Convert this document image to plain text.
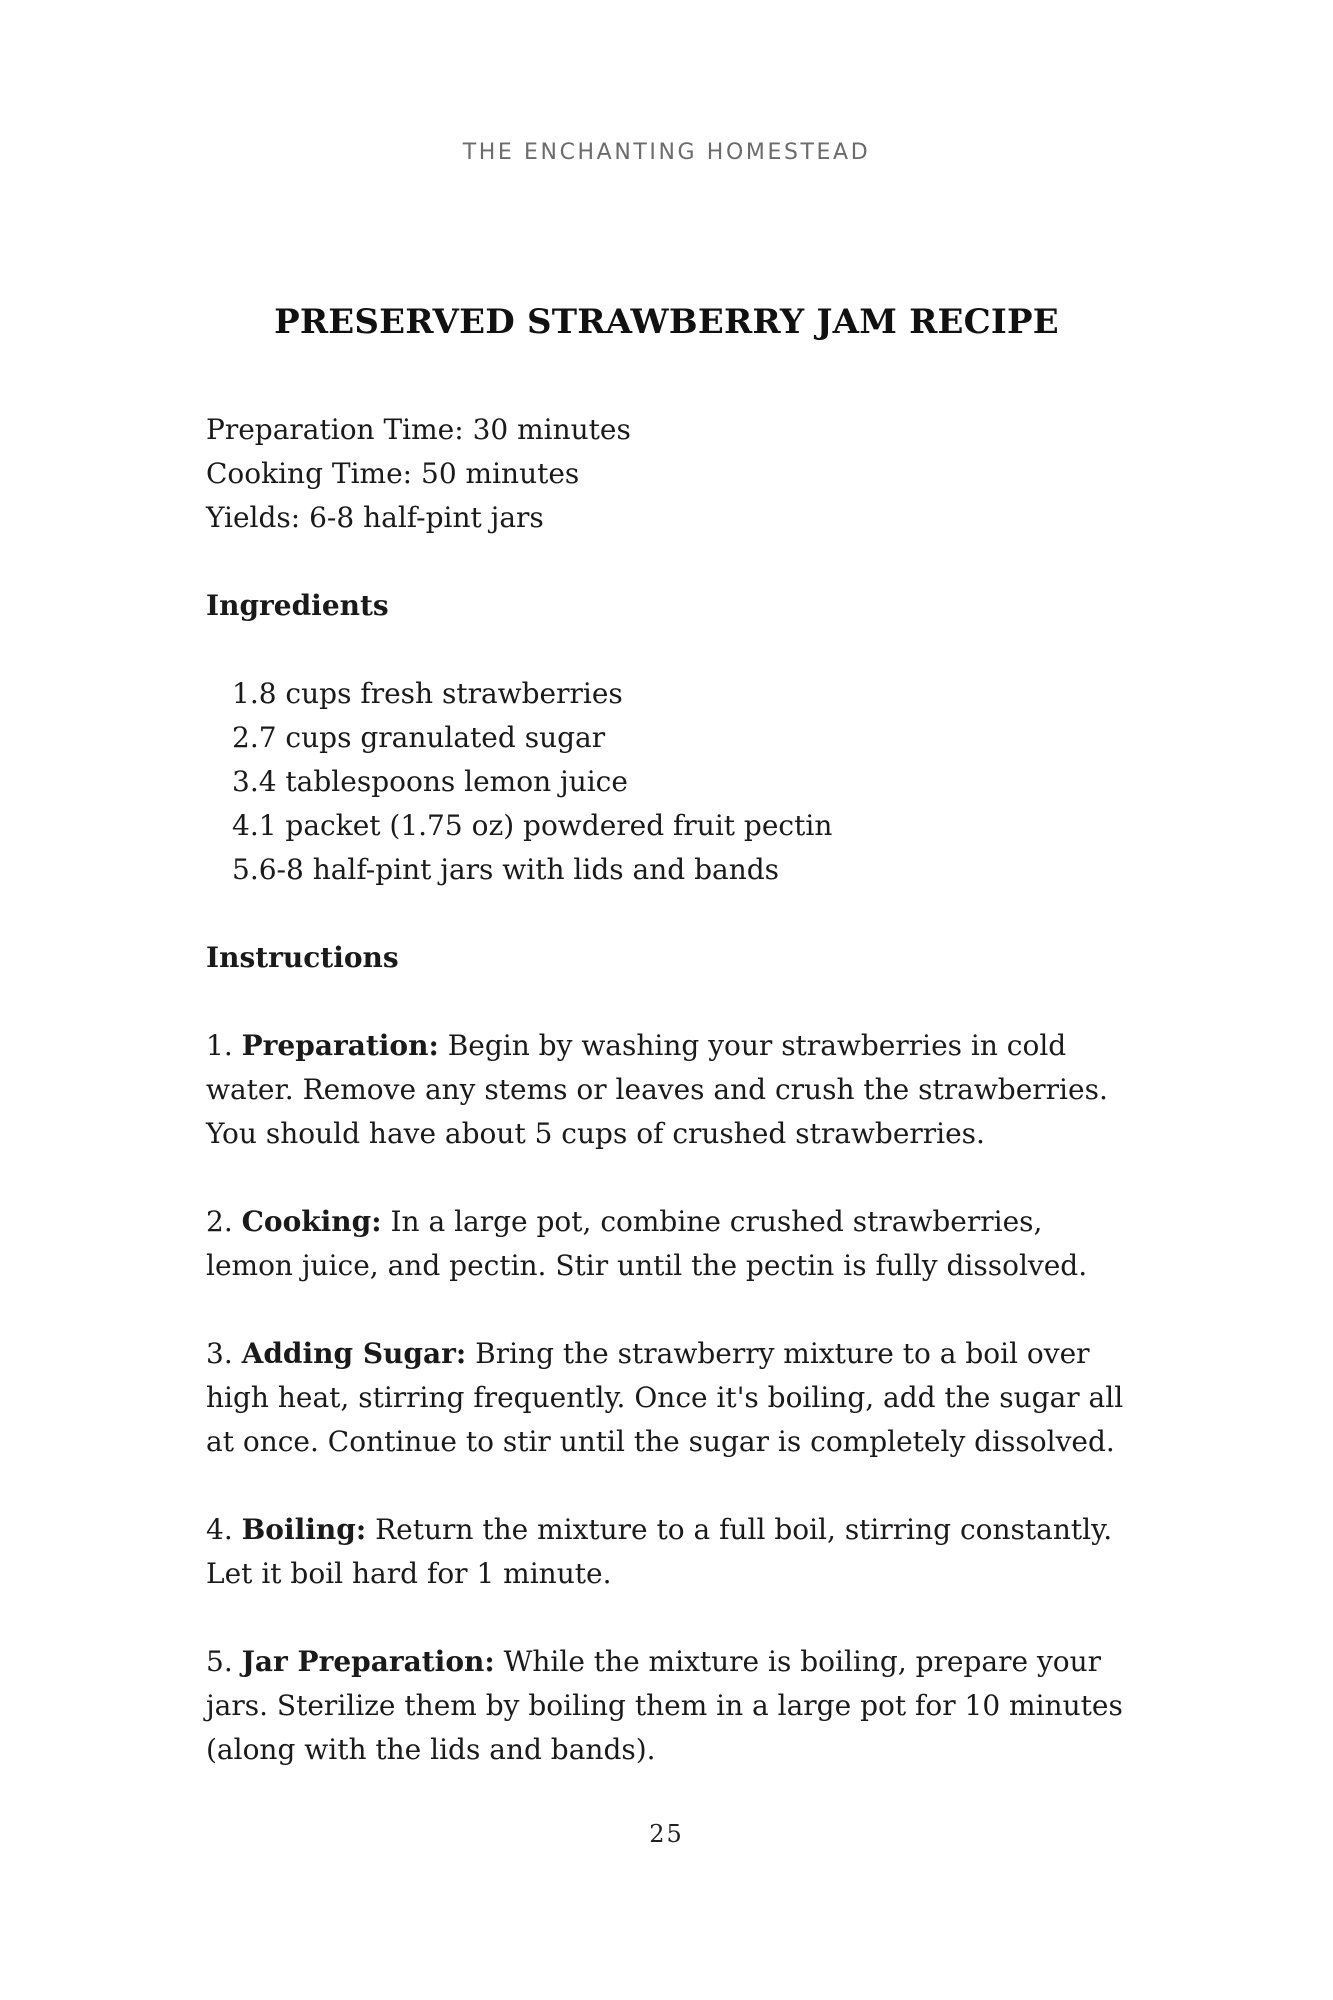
THE ENCHANTING HOMESTEAD
PRESERVED STRAWBERRY JAM RECIPE
Preparation Time: 30 minutes
Cooking Time: 50 minutes
Yields: 6-8 half-pint jars
Ingredients
1. 8 cups fresh strawberries
2. 7 cups granulated sugar
3. 4 tablespoons lemon juice
4. 1 packet (1.75 oz) powdered fruit pectin
5. 6-8 half-pint jars with lids and bands
Instructions

1. Preparation: Begin by washing your strawberries in cold water. Remove any stems or leaves and crush the strawberries. You should have about 5 cups of crushed strawberries.

2. Cooking: In a large pot, combine crushed strawberries, lemon juice, and pectin. Stir until the pectin is fully dissolved.

3. Adding Sugar: Bring the strawberry mixture to a boil over high heat, stirring frequently. Once it's boiling, add the sugar all at once. Continue to stir until the sugar is completely dissolved.

4. Boiling: Return the mixture to a full boil, stirring constantly. Let it boil hard for 1 minute.

5. Jar Preparation: While the mixture is boiling, prepare your jars. Sterilize them by boiling them in a large pot for 10 minutes (along with the lids and bands).

25
